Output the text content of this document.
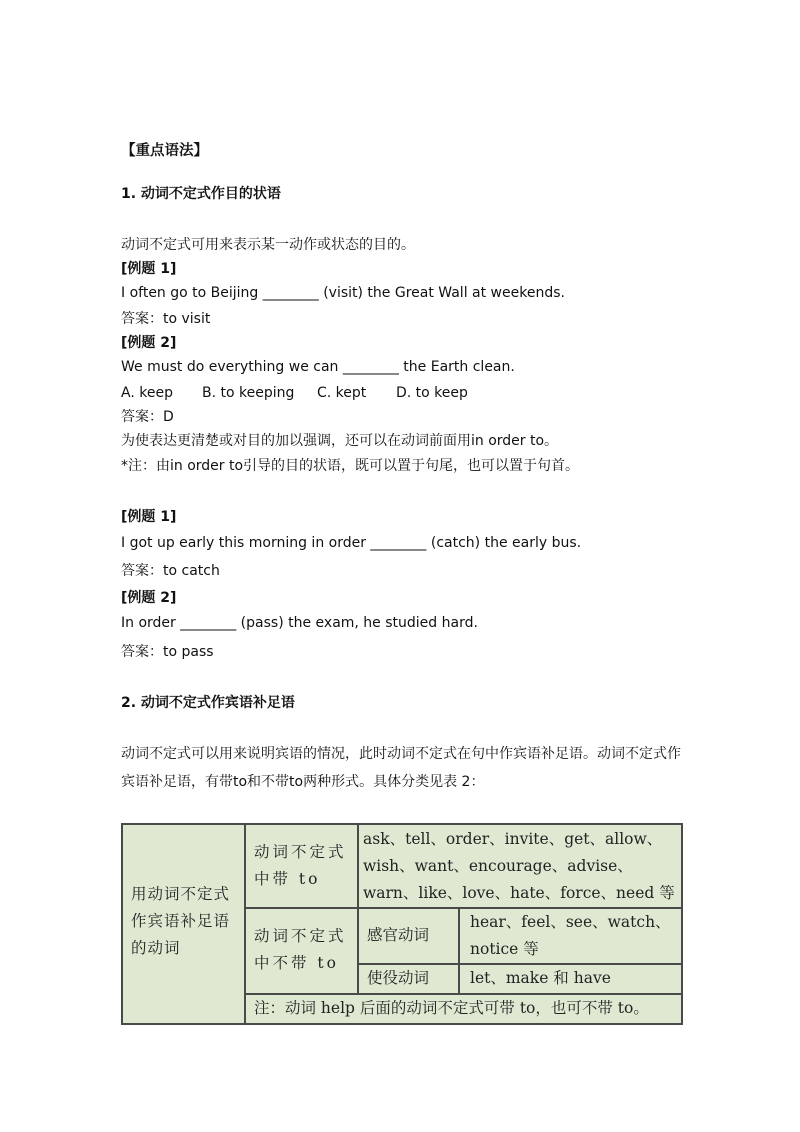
【重点语法】
1. 动词不定式作目的状语
动词不定式可用来表示某一动作或状态的目的。
[例题 1]
I often go to Beijing ________ (visit) the Great Wall at weekends.
答案：to visit
[例题 2]
We must do everything we can ________ the Earth clean.
A. keep B. to keeping C. kept D. to keep
答案：D
为使表达更清楚或对目的加以强调，还可以在动词前面用in order to。
*注：由in order to引导的目的状语，既可以置于句尾，也可以置于句首。
[例题 1]
I got up early this morning in order ________ (catch) the early bus.
答案：to catch
[例题 2]
In order ________ (pass) the exam, he studied hard.
答案：to pass
2. 动词不定式作宾语补足语
动词不定式可以用来说明宾语的情况，此时动词不定式在句中作宾语补足语。动词不定式作宾语补足语，有带to和不带to两种形式。具体分类见表 2：
用动词不定式作宾语补足语的动词
动词不定式中带 to
ask、tell、order、invite、get、allow、wish、want、encourage、advise、warn、like、love、hate、force、need 等
动词不定式中不带 to
感官动词
hear、feel、see、watch、notice 等
使役动词	let、make 和 have
注：动词 help 后面的动词不定式可带 to，也可不带 to。
